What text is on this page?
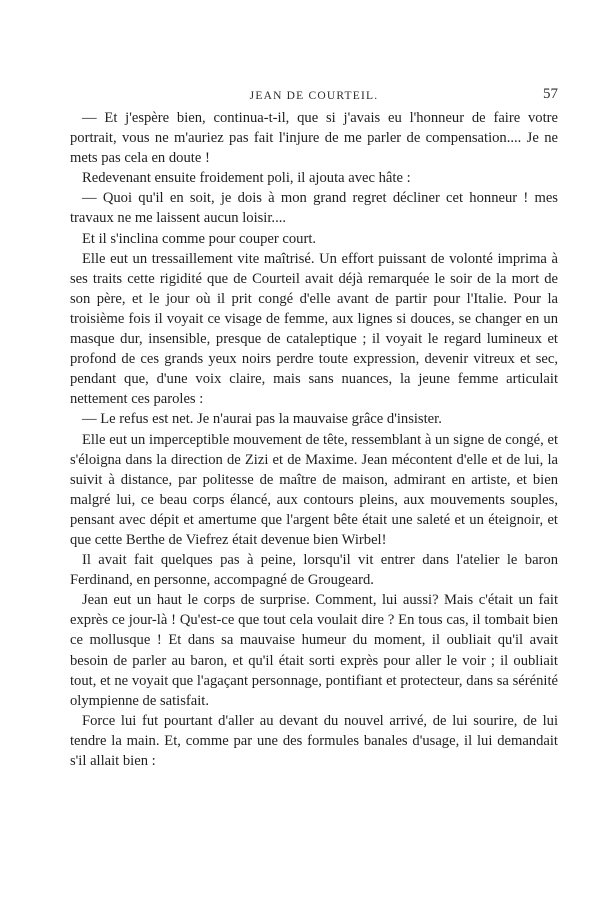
JEAN DE COURTEIL.	57

— Et j'espère bien, continua-t-il, que si j'avais eu l'honneur de faire votre portrait, vous ne m'auriez pas fait l'injure de me parler de compensation.... Je ne mets pas cela en doute !

Redevenant ensuite froidement poli, il ajouta avec hâte :

— Quoi qu'il en soit, je dois à mon grand regret décliner cet honneur ! mes travaux ne me laissent aucun loisir....

Et il s'inclina comme pour couper court.

Elle eut un tressaillement vite maîtrisé. Un effort puissant de volonté imprima à ses traits cette rigidité que de Courteil avait déjà remarquée le soir de la mort de son père, et le jour où il prit congé d'elle avant de partir pour l'Italie. Pour la troisième fois il voyait ce visage de femme, aux lignes si douces, se changer en un masque dur, insensible, presque de cataleptique ; il voyait le regard lumineux et profond de ces grands yeux noirs perdre toute expression, devenir vitreux et sec, pendant que, d'une voix claire, mais sans nuances, la jeune femme articulait nettement ces paroles :

— Le refus est net. Je n'aurai pas la mauvaise grâce d'insister.

Elle eut un imperceptible mouvement de tête, ressemblant à un signe de congé, et s'éloigna dans la direction de Zizi et de Maxime. Jean mécontent d'elle et de lui, la suivit à distance, par politesse de maître de maison, admirant en artiste, et bien malgré lui, ce beau corps élancé, aux contours pleins, aux mouvements souples, pensant avec dépit et amertume que l'argent bête était une saleté et un éteignoir, et que cette Berthe de Viefrez était devenue bien Wirbel!

Il avait fait quelques pas à peine, lorsqu'il vit entrer dans l'atelier le baron Ferdinand, en personne, accompagné de Grougeard.

Jean eut un haut le corps de surprise. Comment, lui aussi? Mais c'était un fait exprès ce jour-là ! Qu'est-ce que tout cela voulait dire ? En tous cas, il tombait bien ce mollusque ! Et dans sa mauvaise humeur du moment, il oubliait qu'il avait besoin de parler au baron, et qu'il était sorti exprès pour aller le voir ; il oubliait tout, et ne voyait que l'agaçant personnage, pontifiant et protecteur, dans sa sérénité olympienne de satisfait.

Force lui fut pourtant d'aller au devant du nouvel arrivé, de lui sourire, de lui tendre la main. Et, comme par une des formules banales d'usage, il lui demandait s'il allait bien :
